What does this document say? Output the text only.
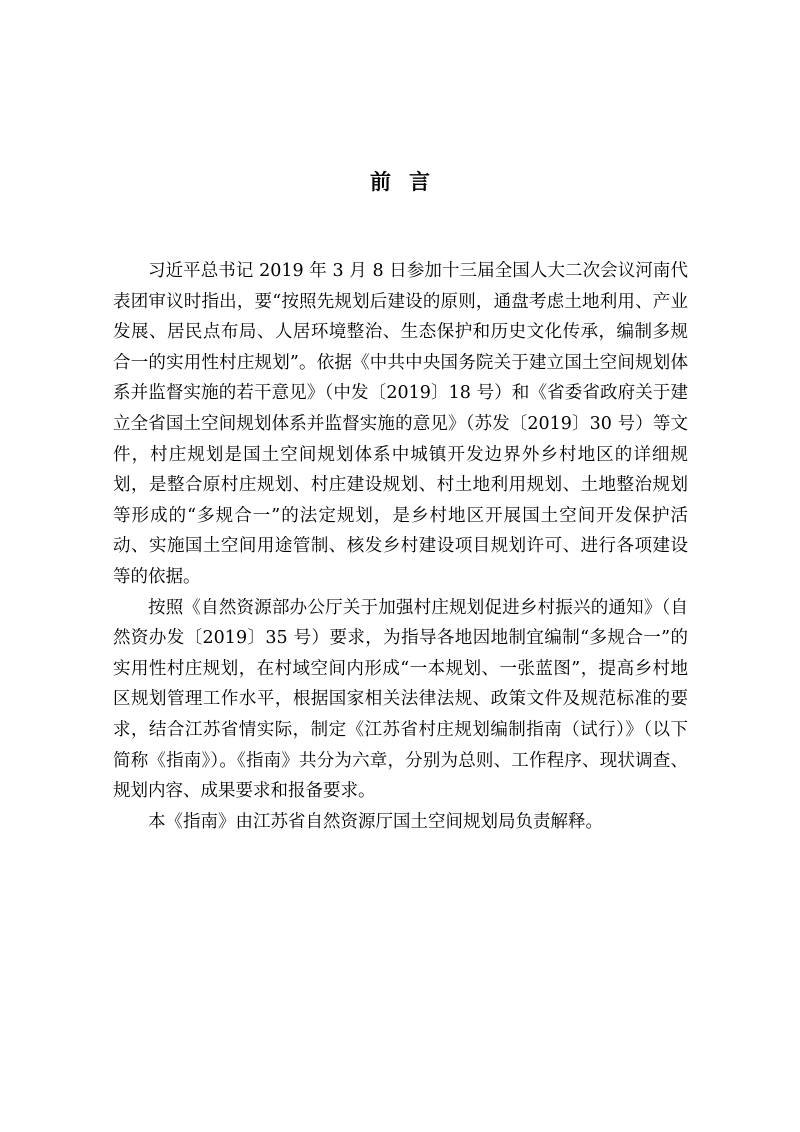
前言

习近平总书记 2019 年 3 月 8 日参加十三届全国人大二次会议河南代表团审议时指出，要“按照先规划后建设的原则，通盘考虑土地利用、产业发展、居民点布局、人居环境整治、生态保护和历史文化传承，编制多规合一的实用性村庄规划”。依据《中共中央国务院关于建立国土空间规划体系并监督实施的若干意见》（中发〔2019〕18 号）和《省委省政府关于建立全省国土空间规划体系并监督实施的意见》（苏发〔2019〕30 号）等文件，村庄规划是国土空间规划体系中城镇开发边界外乡村地区的详细规划，是整合原村庄规划、村庄建设规划、村土地利用规划、土地整治规划等形成的“多规合一”的法定规划，是乡村地区开展国土空间开发保护活动、实施国土空间用途管制、核发乡村建设项目规划许可、进行各项建设等的依据。

按照《自然资源部办公厅关于加强村庄规划促进乡村振兴的通知》（自然资办发〔2019〕35 号）要求，为指导各地因地制宜编制“多规合一”的实用性村庄规划，在村域空间内形成“一本规划、一张蓝图”，提高乡村地区规划管理工作水平，根据国家相关法律法规、政策文件及规范标准的要求，结合江苏省情实际，制定《江苏省村庄规划编制指南（试行）》（以下简称《指南》）。《指南》共分为六章，分别为总则、工作程序、现状调查、规划内容、成果要求和报备要求。

本《指南》由江苏省自然资源厅国土空间规划局负责解释。
